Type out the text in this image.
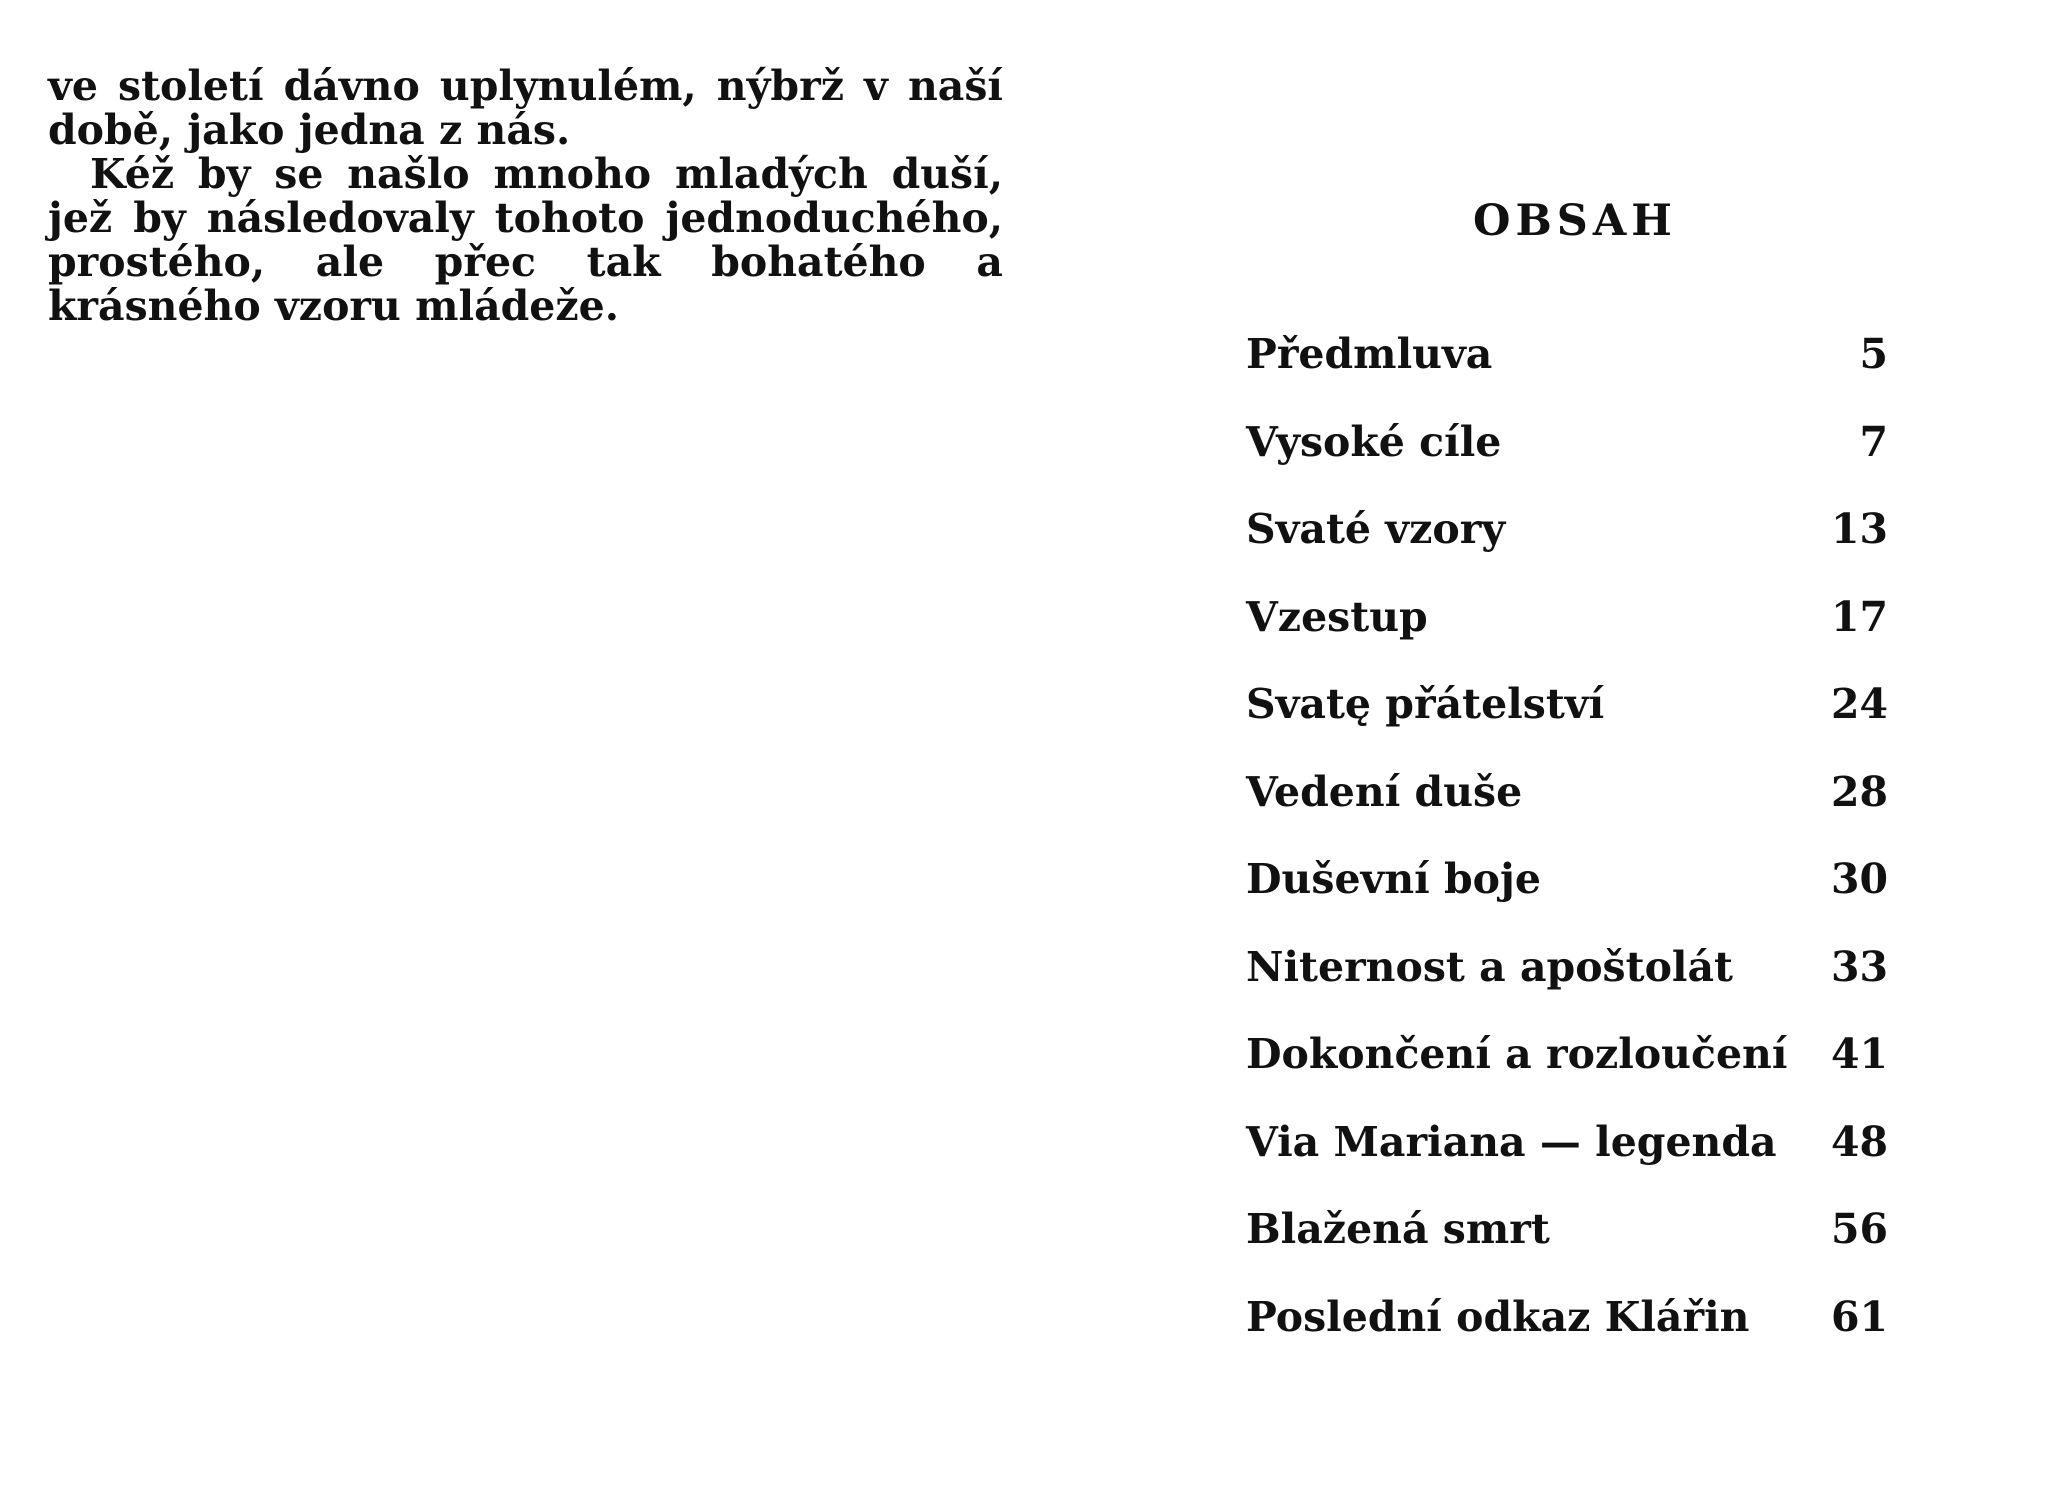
ve století dávno uplynulém, nýbrž v naší době, jako jedna z nás.

Kéž by se našlo mnoho mladých duší, jež by následovaly tohoto jednoduchého, prostého, ale přec tak bohatého a krásného vzoru mládeže.

OBSAH
Předmluva	5
Vysoké cíle	7
Svaté vzory	13
Vzestup	17
Svatę přátelství	24
Vedení duše	28
Duševní boje	30
Niternost a apoštolát 33
Dokončení a rozloučení 41
Via Mariana — legenda 48
Blažená smrt	56
Poslední odkaz Klářin 61
